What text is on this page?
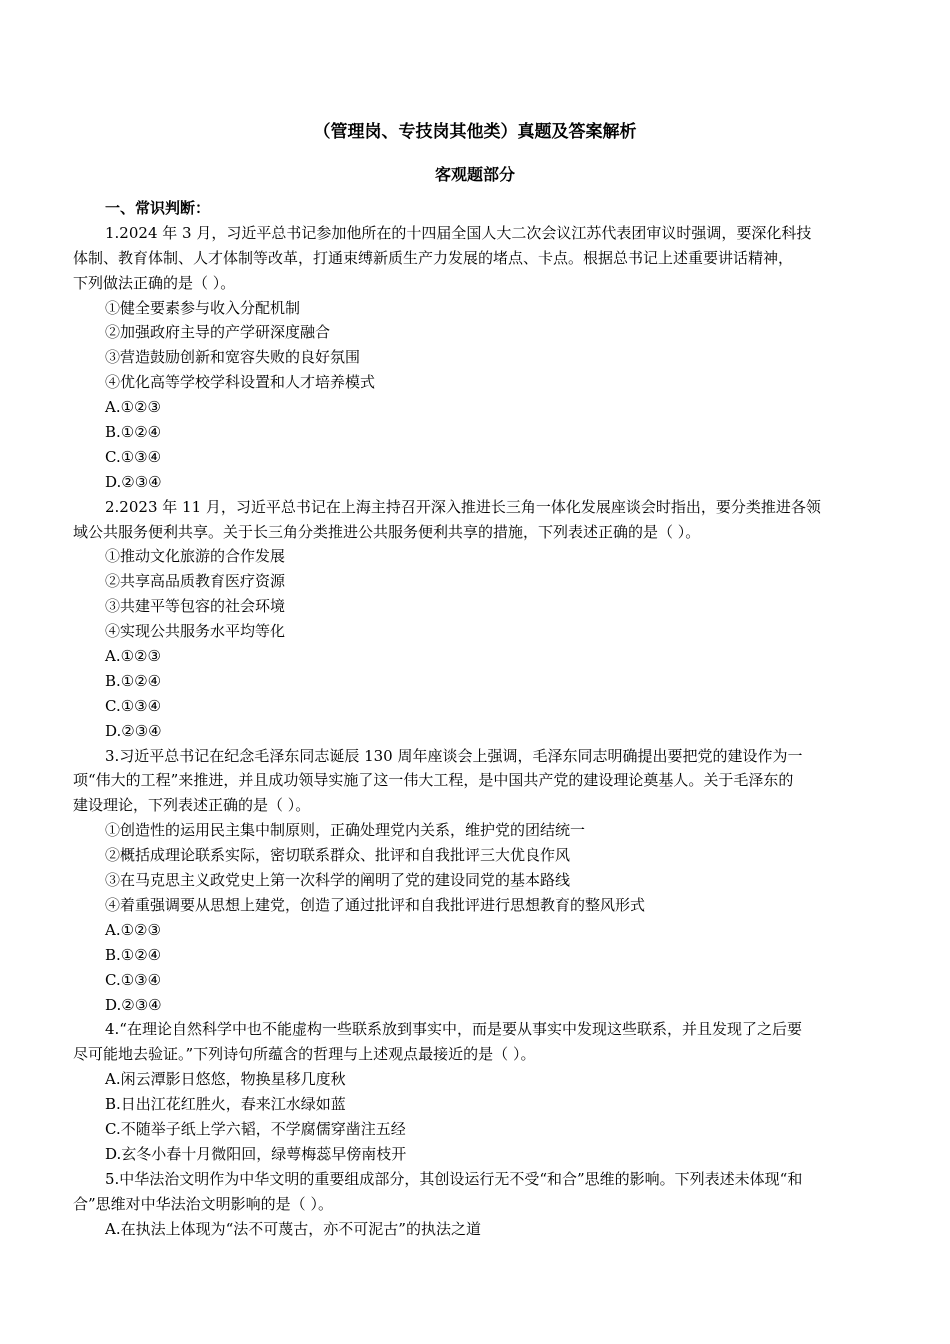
（管理岗、专技岗其他类）真题及答案解析
客观题部分
一、常识判断：
1.2024 年 3 月，习近平总书记参加他所在的十四届全国人大二次会议江苏代表团审议时强调，要深化科技
体制、教育体制、人才体制等改革，打通束缚新质生产力发展的堵点、卡点。根据总书记上述重要讲话精神，
下列做法正确的是（ ）。
①健全要素参与收入分配机制
②加强政府主导的产学研深度融合
③营造鼓励创新和宽容失败的良好氛围
④优化高等学校学科设置和人才培养模式
A.①②③
B.①②④
C.①③④
D.②③④
2.2023 年 11 月，习近平总书记在上海主持召开深入推进长三角一体化发展座谈会时指出，要分类推进各领
域公共服务便利共享。关于长三角分类推进公共服务便利共享的措施，下列表述正确的是（ ）。
①推动文化旅游的合作发展
②共享高品质教育医疗资源
③共建平等包容的社会环境
④实现公共服务水平均等化
A.①②③
B.①②④
C.①③④
D.②③④
3.习近平总书记在纪念毛泽东同志诞辰 130 周年座谈会上强调，毛泽东同志明确提出要把党的建设作为一
项“伟大的工程”来推进，并且成功领导实施了这一伟大工程，是中国共产党的建设理论奠基人。关于毛泽东的
建设理论，下列表述正确的是（ ）。
①创造性的运用民主集中制原则，正确处理党内关系，维护党的团结统一
②概括成理论联系实际，密切联系群众、批评和自我批评三大优良作风
③在马克思主义政党史上第一次科学的阐明了党的建设同党的基本路线
④着重强调要从思想上建党，创造了通过批评和自我批评进行思想教育的整风形式
A.①②③
B.①②④
C.①③④
D.②③④
4.“在理论自然科学中也不能虚构一些联系放到事实中，而是要从事实中发现这些联系，并且发现了之后要
尽可能地去验证。”下列诗句所蕴含的哲理与上述观点最接近的是（ ）。
A.闲云潭影日悠悠，物换星移几度秋
B.日出江花红胜火，春来江水绿如蓝
C.不随举子纸上学六韬，不学腐儒穿凿注五经
D.玄冬小春十月微阳回，绿萼梅蕊早傍南枝开
5.中华法治文明作为中华文明的重要组成部分，其创设运行无不受“和合”思维的影响。下列表述未体现“和
合”思维对中华法治文明影响的是（ ）。
A.在执法上体现为“法不可蔑古，亦不可泥古”的执法之道
